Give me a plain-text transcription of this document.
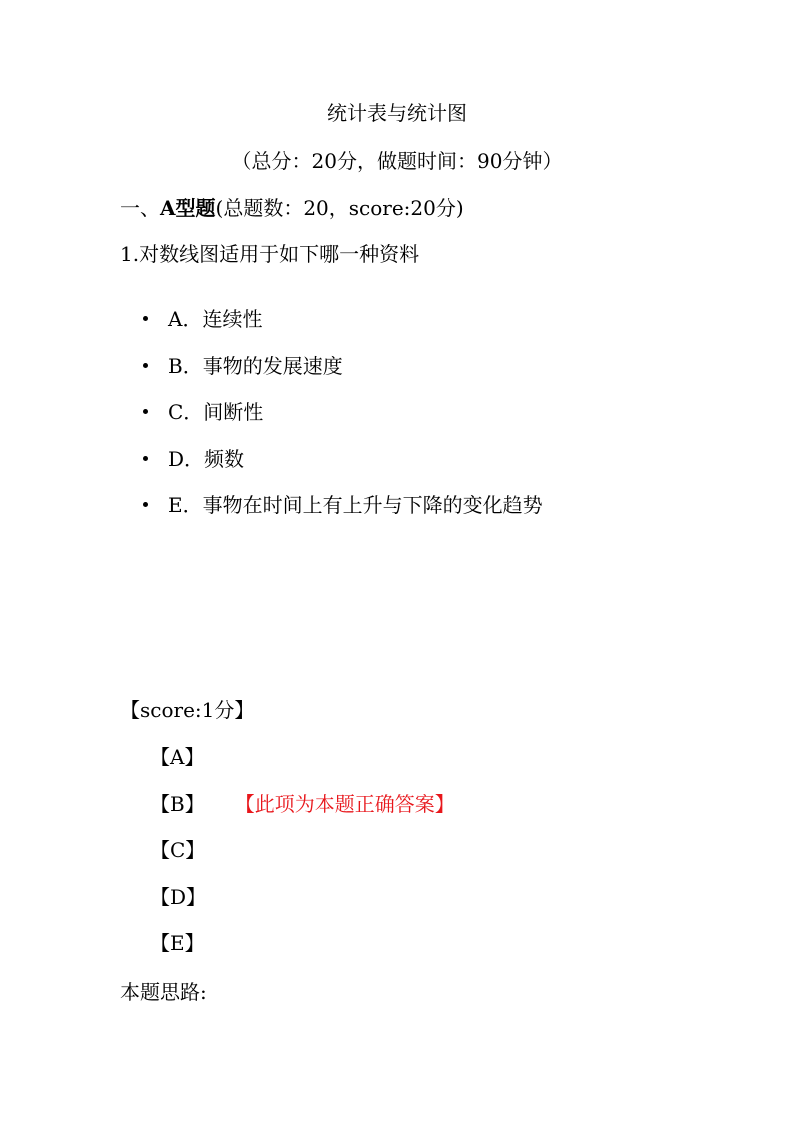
统计表与统计图
（总分：20分，做题时间：90分钟）
一、A型题(总题数：20，score:20分)
1.对数线图适用于如下哪一种资料
A．连续性
B．事物的发展速度
C．间断性
D．频数
E．事物在时间上有上升与下降的变化趋势
【score:1分】
【A】
【B】 【此项为本题正确答案】
【C】
【D】
【E】
本题思路:
